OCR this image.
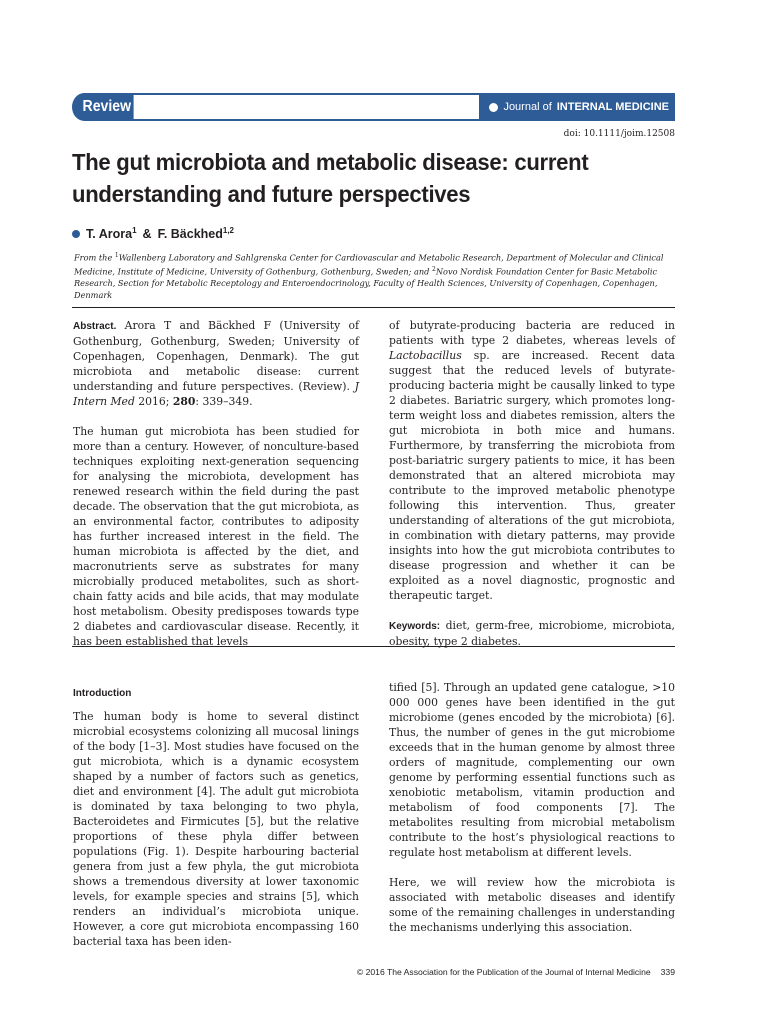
Review	Journal of INTERNAL MEDICINE
doi: 10.1111/joim.12508
The gut microbiota and metabolic disease: current understanding and future perspectives
T. Arora$^1$ & F. Bäckhed$^{1,2}$
From the $^1$Wallenberg Laboratory and Sahlgrenska Center for Cardiovascular and Metabolic Research, Department of Molecular and Clinical Medicine, Institute of Medicine, University of Gothenburg, Gothenburg, Sweden; and $^2$Novo Nordisk Foundation Center for Basic Metabolic Research, Section for Metabolic Receptology and Enteroendocrinology, Faculty of Health Sciences, University of Copenhagen, Copenhagen, Denmark

Abstract. Arora T and Bäckhed F (University of Gothenburg, Gothenburg, Sweden; University of Copenhagen, Copenhagen, Denmark). The gut microbiota and metabolic disease: current understanding and future perspectives. (Review). J Intern Med 2016; 280: 339–349.

The human gut microbiota has been studied for more than a century. However, of nonculture-based techniques exploiting next-generation sequencing for analysing the microbiota, development has renewed research within the field during the past decade. The observation that the gut microbiota, as an environmental factor, contributes to adiposity has further increased interest in the field. The human microbiota is affected by the diet, and macronutrients serve as substrates for many microbially produced metabolites, such as short-chain fatty acids and bile acids, that may modulate host metabolism. Obesity predisposes towards type 2 diabetes and cardiovascular disease. Recently, it has been established that levels

of butyrate-producing bacteria are reduced in patients with type 2 diabetes, whereas levels of Lactobacillus sp. are increased. Recent data suggest that the reduced levels of butyrate-producing bacteria might be causally linked to type 2 diabetes. Bariatric surgery, which promotes long-term weight loss and diabetes remission, alters the gut microbiota in both mice and humans. Furthermore, by transferring the microbiota from post-bariatric surgery patients to mice, it has been demonstrated that an altered microbiota may contribute to the improved metabolic phenotype following this intervention. Thus, greater understanding of alterations of the gut microbiota, in combination with dietary patterns, may provide insights into how the gut microbiota contributes to disease progression and whether it can be exploited as a novel diagnostic, prognostic and therapeutic target.

Keywords: diet, germ-free, microbiome, microbiota, obesity, type 2 diabetes.

Introduction

The human body is home to several distinct microbial ecosystems colonizing all mucosal linings of the body [1–3]. Most studies have focused on the gut microbiota, which is a dynamic ecosystem shaped by a number of factors such as genetics, diet and environment [4]. The adult gut microbiota is dominated by taxa belonging to two phyla, Bacteroidetes and Firmicutes [5], but the relative proportions of these phyla differ between populations (Fig. 1). Despite harbouring bacterial genera from just a few phyla, the gut microbiota shows a tremendous diversity at lower taxonomic levels, for example species and strains [5], which renders an individual’s microbiota unique. However, a core gut microbiota encompassing 160 bacterial taxa has been iden-

tified [5]. Through an updated gene catalogue, >10 000 000 genes have been identified in the gut microbiome (genes encoded by the microbiota) [6]. Thus, the number of genes in the gut microbiome exceeds that in the human genome by almost three orders of magnitude, complementing our own genome by performing essential functions such as xenobiotic metabolism, vitamin production and metabolism of food components [7]. The metabolites resulting from microbial metabolism contribute to the host’s physiological reactions to regulate host metabolism at different levels.

Here, we will review how the microbiota is associated with metabolic diseases and identify some of the remaining challenges in understanding the mechanisms underlying this association.

© 2016 The Association for the Publication of the Journal of Internal Medicine 339
